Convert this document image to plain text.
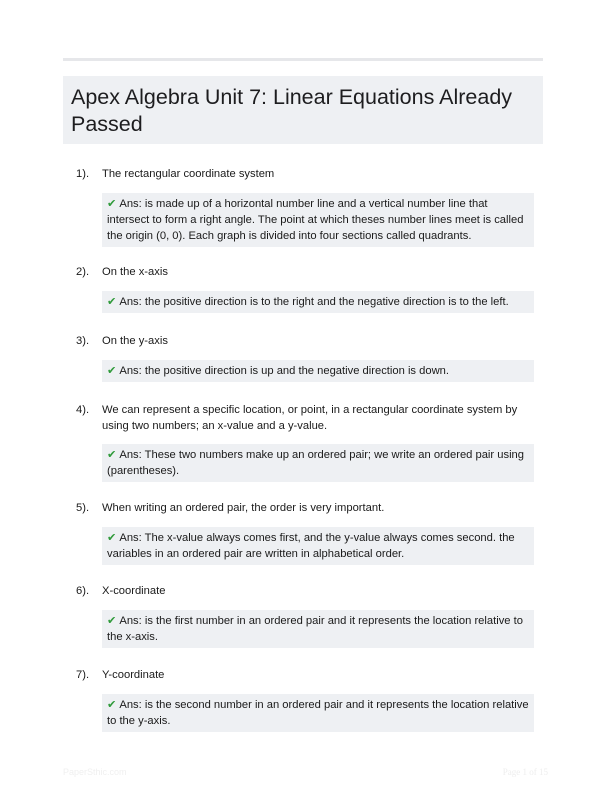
Apex Algebra Unit 7: Linear Equations Already Passed
1). The rectangular coordinate system
✔ Ans: is made up of a horizontal number line and a vertical number line that intersect to form a right angle. The point at which theses number lines meet is called the origin (0, 0). Each graph is divided into four sections called quadrants.
2). On the x-axis
✔ Ans: the positive direction is to the right and the negative direction is to the left.
3). On the y-axis
✔ Ans: the positive direction is up and the negative direction is down.
4). We can represent a specific location, or point, in a rectangular coordinate system by using two numbers; an x-value and a y-value.
✔ Ans: These two numbers make up an ordered pair; we write an ordered pair using (parentheses).
5). When writing an ordered pair, the order is very important.
✔ Ans: The x-value always comes first, and the y-value always comes second. the variables in an ordered pair are written in alphabetical order.
6). X-coordinate
✔ Ans: is the first number in an ordered pair and it represents the location relative to the x-axis.
7). Y-coordinate
✔ Ans: is the second number in an ordered pair and it represents the location relative to the y-axis.
PaperSthic.com	Page 1 of 15
